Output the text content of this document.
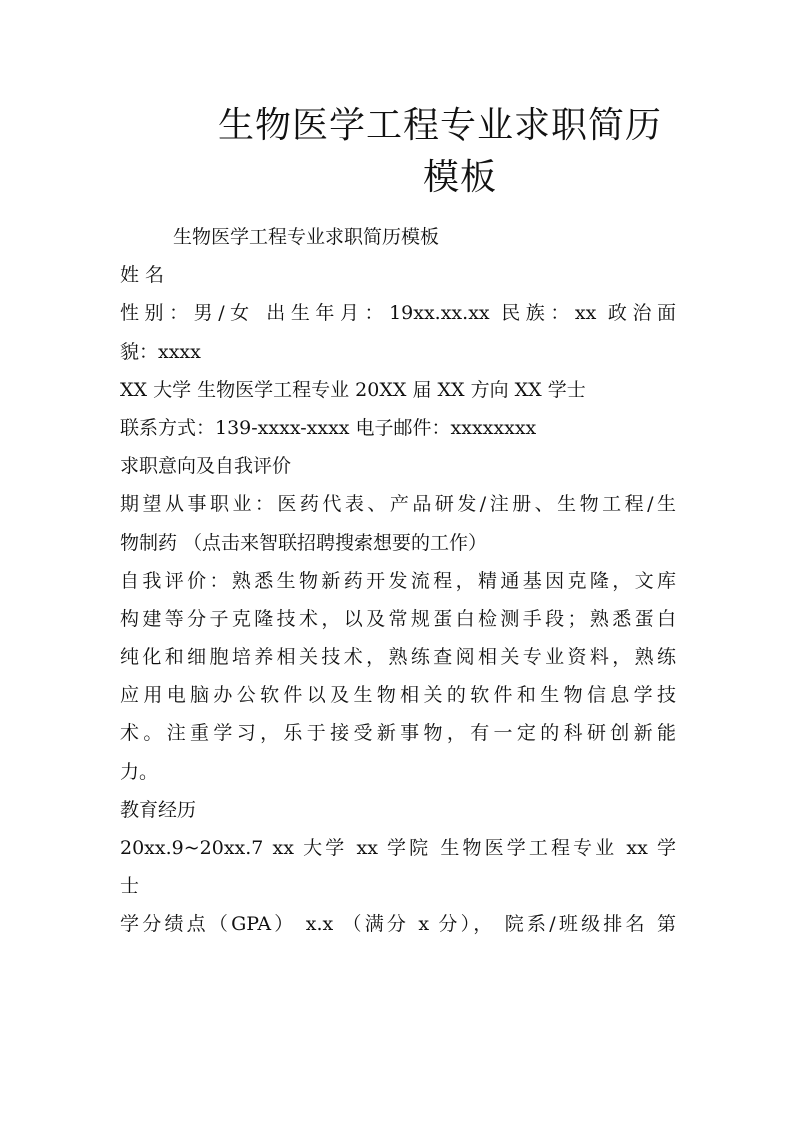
生物医学工程专业求职简历
模板
生物医学工程专业求职简历模板
姓 名
性别：男/女 出生年月：19xx.xx.xx 民族：xx 政治面
貌：xxxx
XX 大学 生物医学工程专业 20XX 届 XX 方向 XX 学士
联系方式：139-xxxx-xxxx 电子邮件：xxxxxxxx
求职意向及自我评价
期望从事职业：医药代表、产品研发/注册、生物工程/生
物制药 （点击来智联招聘搜索想要的工作）
自我评价：熟悉生物新药开发流程，精通基因克隆，文库
构建等分子克隆技术，以及常规蛋白检测手段；熟悉蛋白
纯化和细胞培养相关技术，熟练查阅相关专业资料，熟练
应用电脑办公软件以及生物相关的软件和生物信息学技
术。注重学习，乐于接受新事物，有一定的科研创新能
力。
教育经历
20xx.9~20xx.7 xx 大学 xx 学院 生物医学工程专业 xx 学
士
学分绩点（GPA） x.x （满分 x 分）， 院系/班级排名 第
